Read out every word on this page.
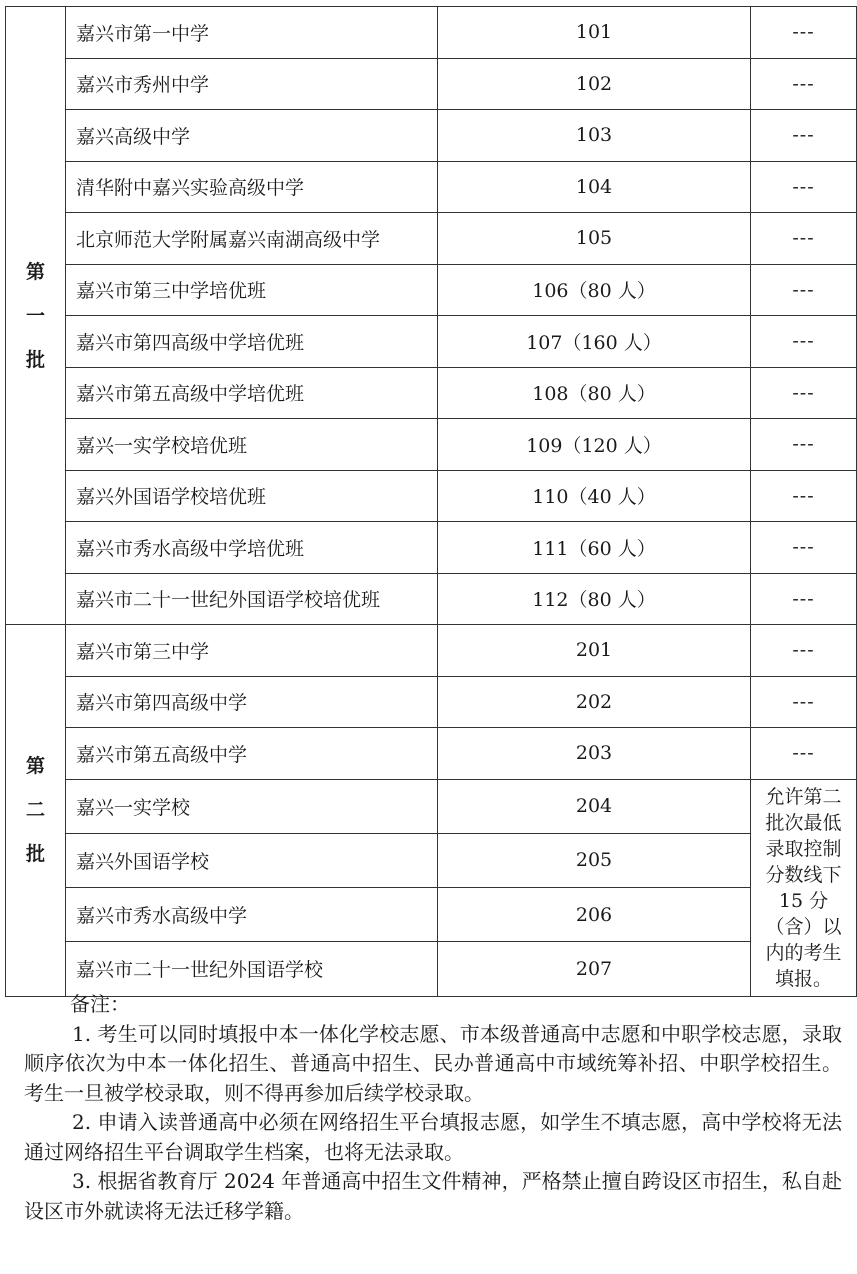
第
一
批	嘉兴市第一中学	101	---
	嘉兴市秀州中学	102	---
	嘉兴高级中学	103	---
	清华附中嘉兴实验高级中学	104	---
	北京师范大学附属嘉兴南湖高级中学	105	---
	嘉兴市第三中学培优班	106（80 人）	---
	嘉兴市第四高级中学培优班	107（160 人）	---
	嘉兴市第五高级中学培优班	108（80 人）	---
	嘉兴一实学校培优班	109（120 人）	---
	嘉兴外国语学校培优班	110（40 人）	---
	嘉兴市秀水高级中学培优班	111（60 人）	---
	嘉兴市二十一世纪外国语学校培优班	112（80 人）	---

第
二
批	嘉兴市第三中学	201	---
	嘉兴市第四高级中学	202	---
	嘉兴市第五高级中学	203	---
	嘉兴一实学校	204	允许第二批次最低录取控制分数线下 15 分（含）以内的考生填报。
	嘉兴外国语学校	205	
	嘉兴市秀水高级中学	206	
	嘉兴市二十一世纪外国语学校	207	

备注：

1. 考生可以同时填报中本一体化学校志愿、市本级普通高中志愿和中职学校志愿，录取顺序依次为中本一体化招生、普通高中招生、民办普通高中市域统筹补招、中职学校招生。考生一旦被学校录取，则不得再参加后续学校录取。

2. 申请入读普通高中必须在网络招生平台填报志愿，如学生不填志愿，高中学校将无法通过网络招生平台调取学生档案，也将无法录取。

3. 根据省教育厅 2024 年普通高中招生文件精神，严格禁止擅自跨设区市招生，私自赴设区市外就读将无法迁移学籍。
